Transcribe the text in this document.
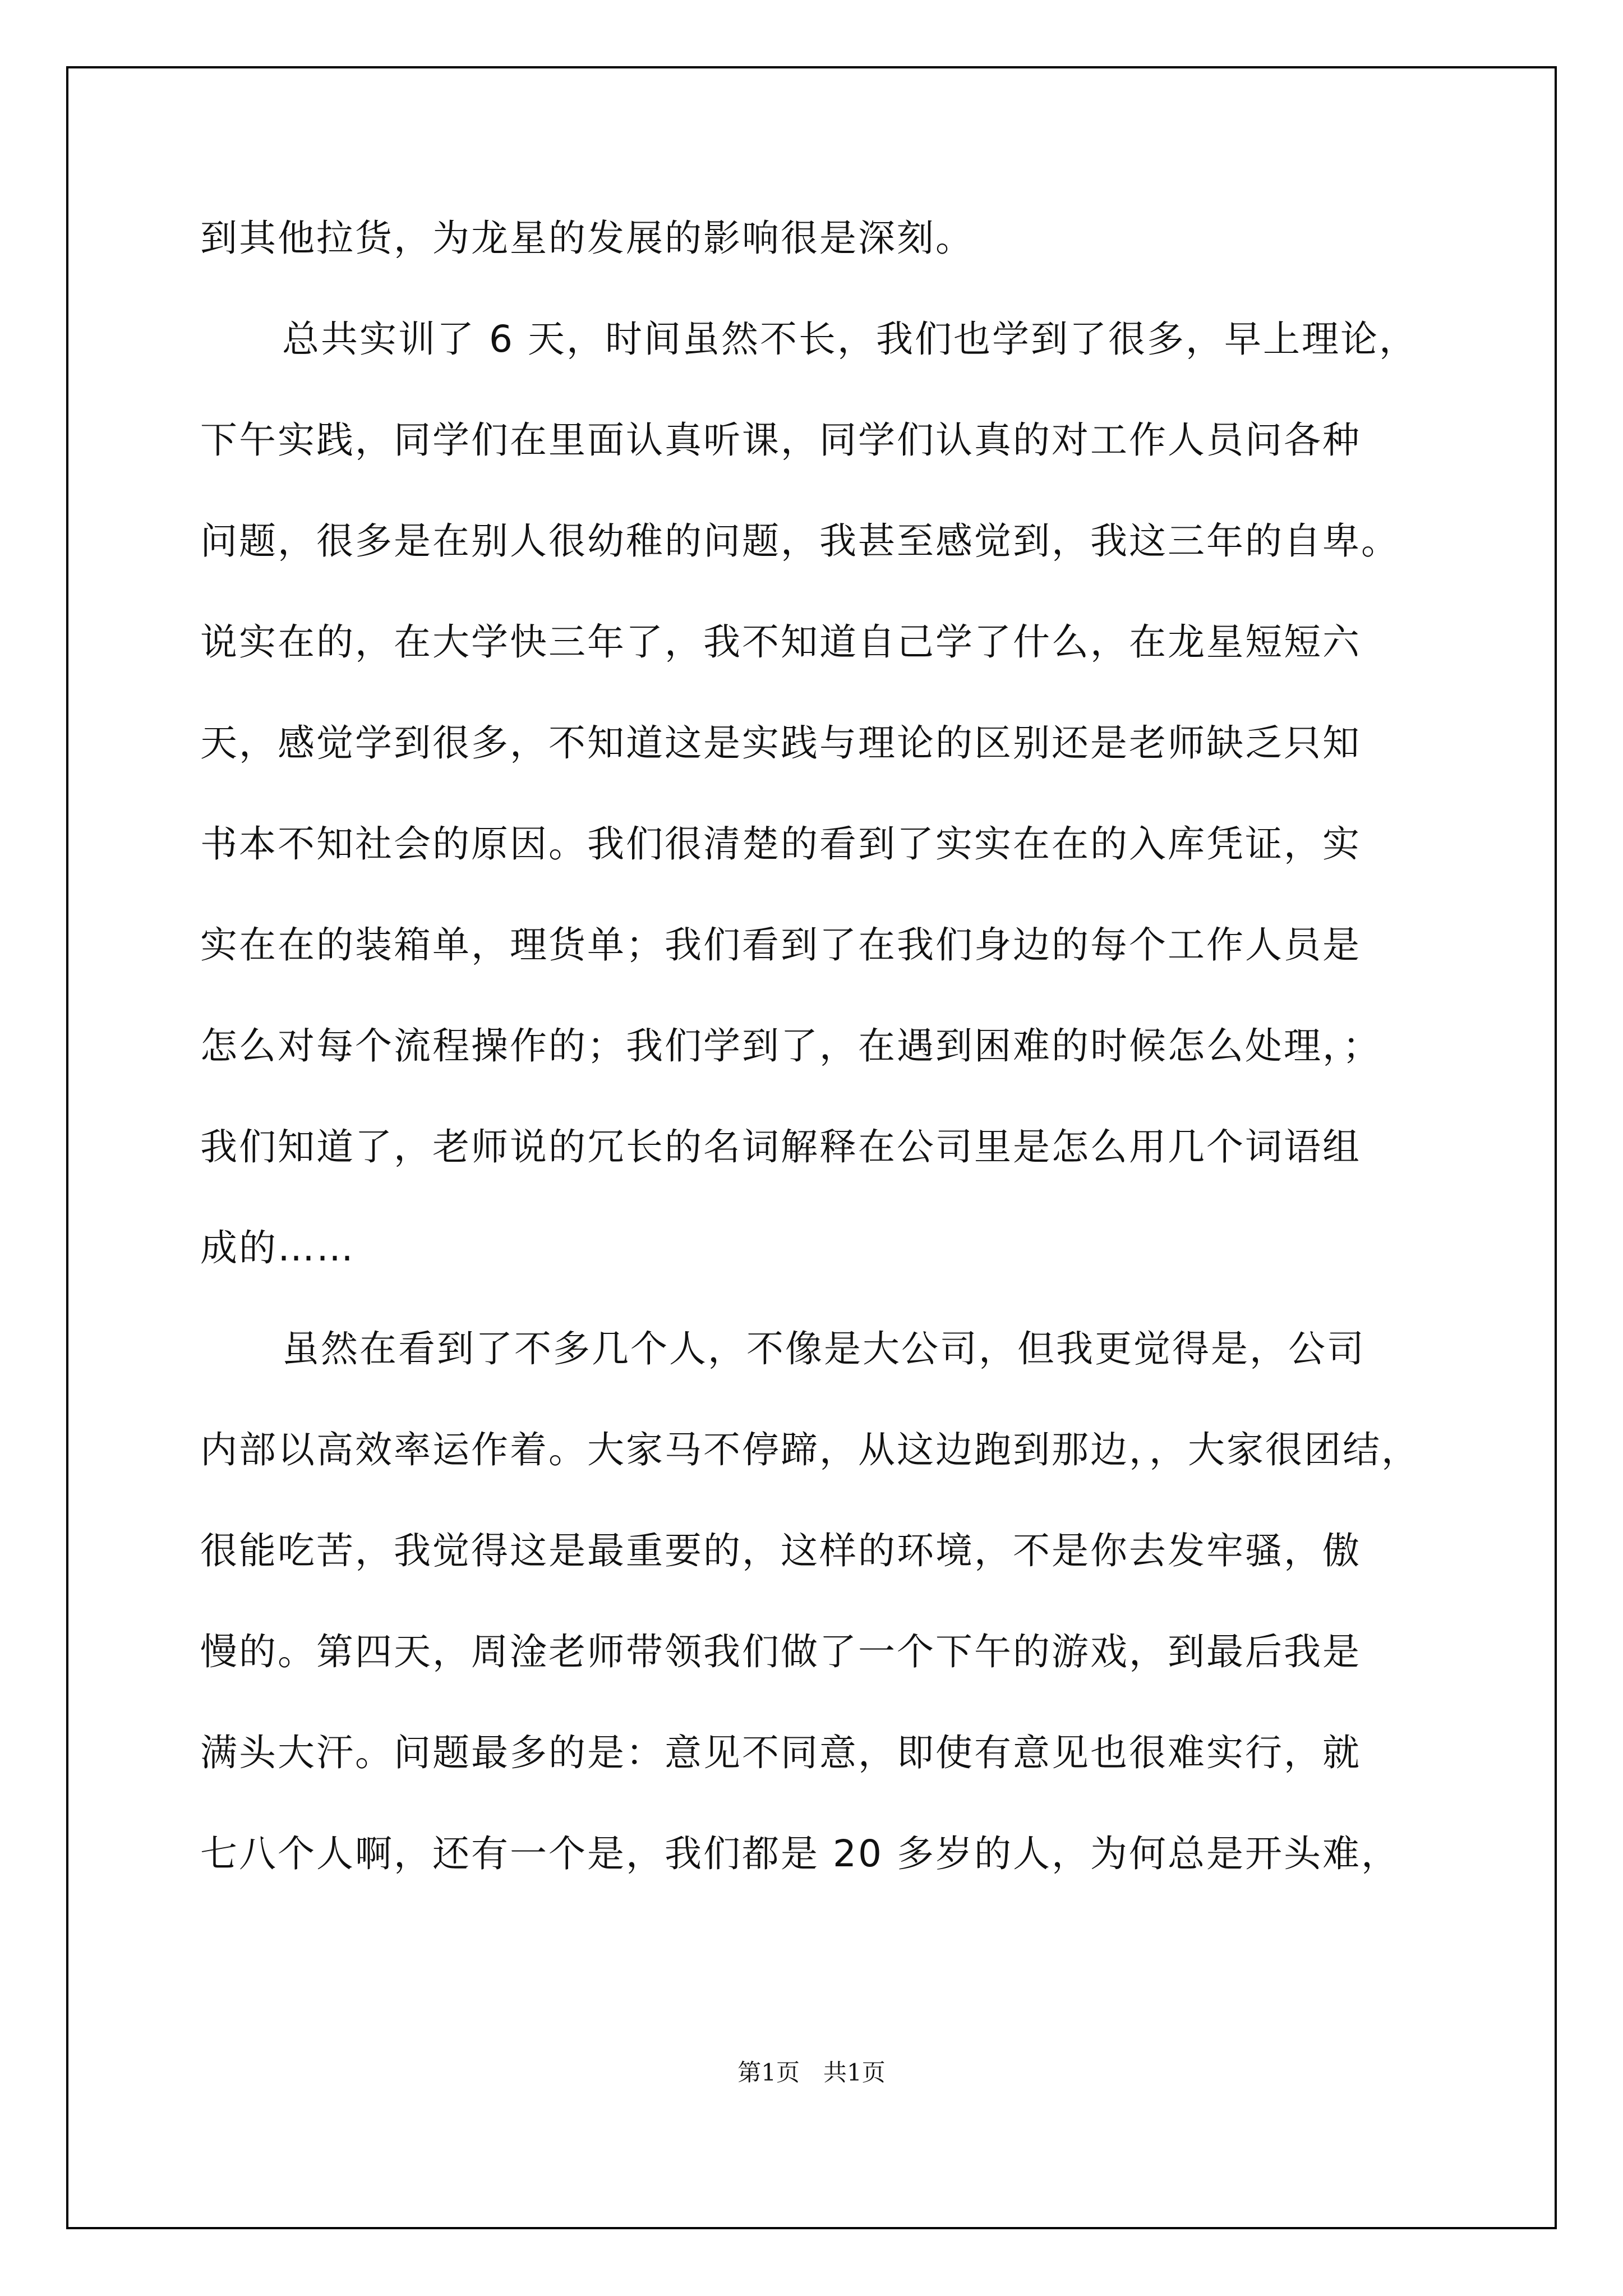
到其他拉货，为龙星的发展的影响很是深刻。

总共实训了 6 天，时间虽然不长，我们也学到了很多，早上理论，

下午实践，同学们在里面认真听课，同学们认真的对工作人员问各种

问题，很多是在别人很幼稚的问题，我甚至感觉到，我这三年的自卑。

说实在的，在大学快三年了，我不知道自己学了什么，在龙星短短六

天，感觉学到很多，不知道这是实践与理论的区别还是老师缺乏只知

书本不知社会的原因。我们很清楚的看到了实实在在的入库凭证，实

实在在的装箱单，理货单；我们看到了在我们身边的每个工作人员是

怎么对每个流程操作的；我们学到了，在遇到困难的时候怎么处理，；

我们知道了，老师说的冗长的名词解释在公司里是怎么用几个词语组

成的……

虽然在看到了不多几个人，不像是大公司，但我更觉得是，公司

内部以高效率运作着。大家马不停蹄，从这边跑到那边，，大家很团结，

很能吃苦，我觉得这是最重要的，这样的环境，不是你去发牢骚，傲

慢的。第四天，周淦老师带领我们做了一个下午的游戏，到最后我是

满头大汗。问题最多的是：意见不同意，即使有意见也很难实行，就

七八个人啊，还有一个是，我们都是 20 多岁的人，为何总是开头难，

第1页　共1页
